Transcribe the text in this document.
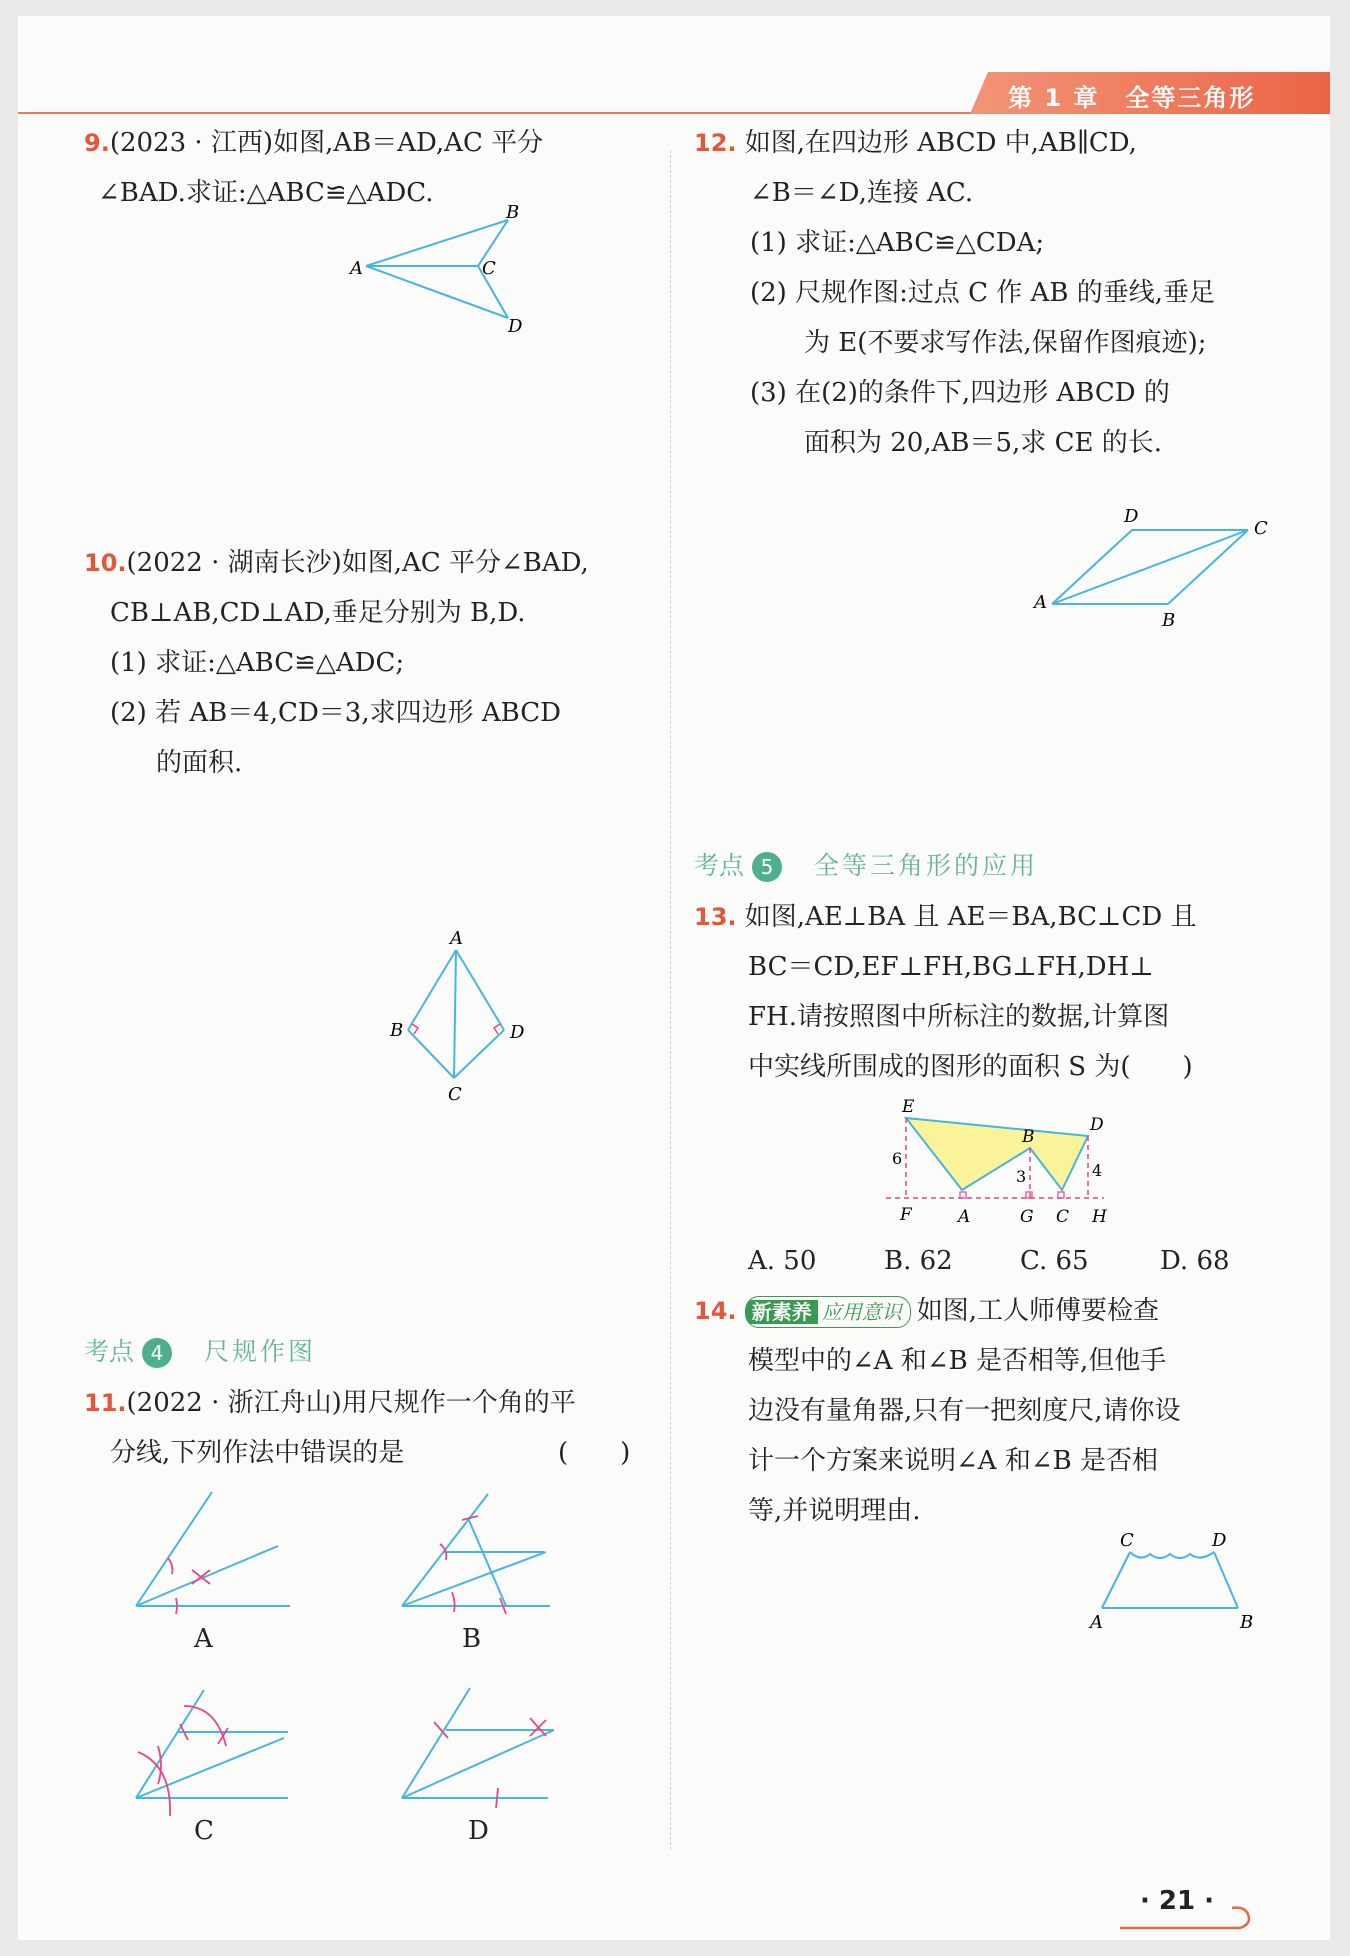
第 1 章 全等三角形
9.(2023 · 江西)如图,AB＝AD,AC 平分
∠BAD.求证:△ABC≌△ADC.
A
B
C
D
10.(2022 · 湖南长沙)如图,AC 平分∠BAD,
CB⊥AB,CD⊥AD,垂足分别为 B,D.
(1) 求证:△ABC≌△ADC;
(2) 若 AB＝4,CD＝3,求四边形 ABCD
的面积.
A
B
C
D
考点 4 尺规作图
11.(2022 · 浙江舟山)用尺规作一个角的平
分线,下列作法中错误的是	(　　)
A	B
C	D
12. 如图,在四边形 ABCD 中,AB∥CD,
∠B＝∠D,连接 AC.
(1) 求证:△ABC≌△CDA;
(2) 尺规作图:过点 C 作 AB 的垂线,垂足
为 E(不要求写作法,保留作图痕迹);
(3) 在(2)的条件下,四边形 ABCD 的
面积为 20,AB＝5,求 CE 的长.
D
C
A
B
考点 5 全等三角形的应用
13. 如图,AE⊥BA 且 AE＝BA,BC⊥CD 且
BC＝CD,EF⊥FH,BG⊥FH,DH⊥
FH.请按照图中所标注的数据,计算图
中实线所围成的图形的面积 S 为(　　)
E
6
F	A
B
3
G C
D
4
H
A. 50	B. 62	C. 65	D. 68
14. 新素养 应用意识 如图,工人师傅要检查
模型中的∠A 和∠B 是否相等,但他手
边没有量角器,只有一把刻度尺,请你设
计一个方案来说明∠A 和∠B 是否相
等,并说明理由.
C	D
A	B
· 21 ·
